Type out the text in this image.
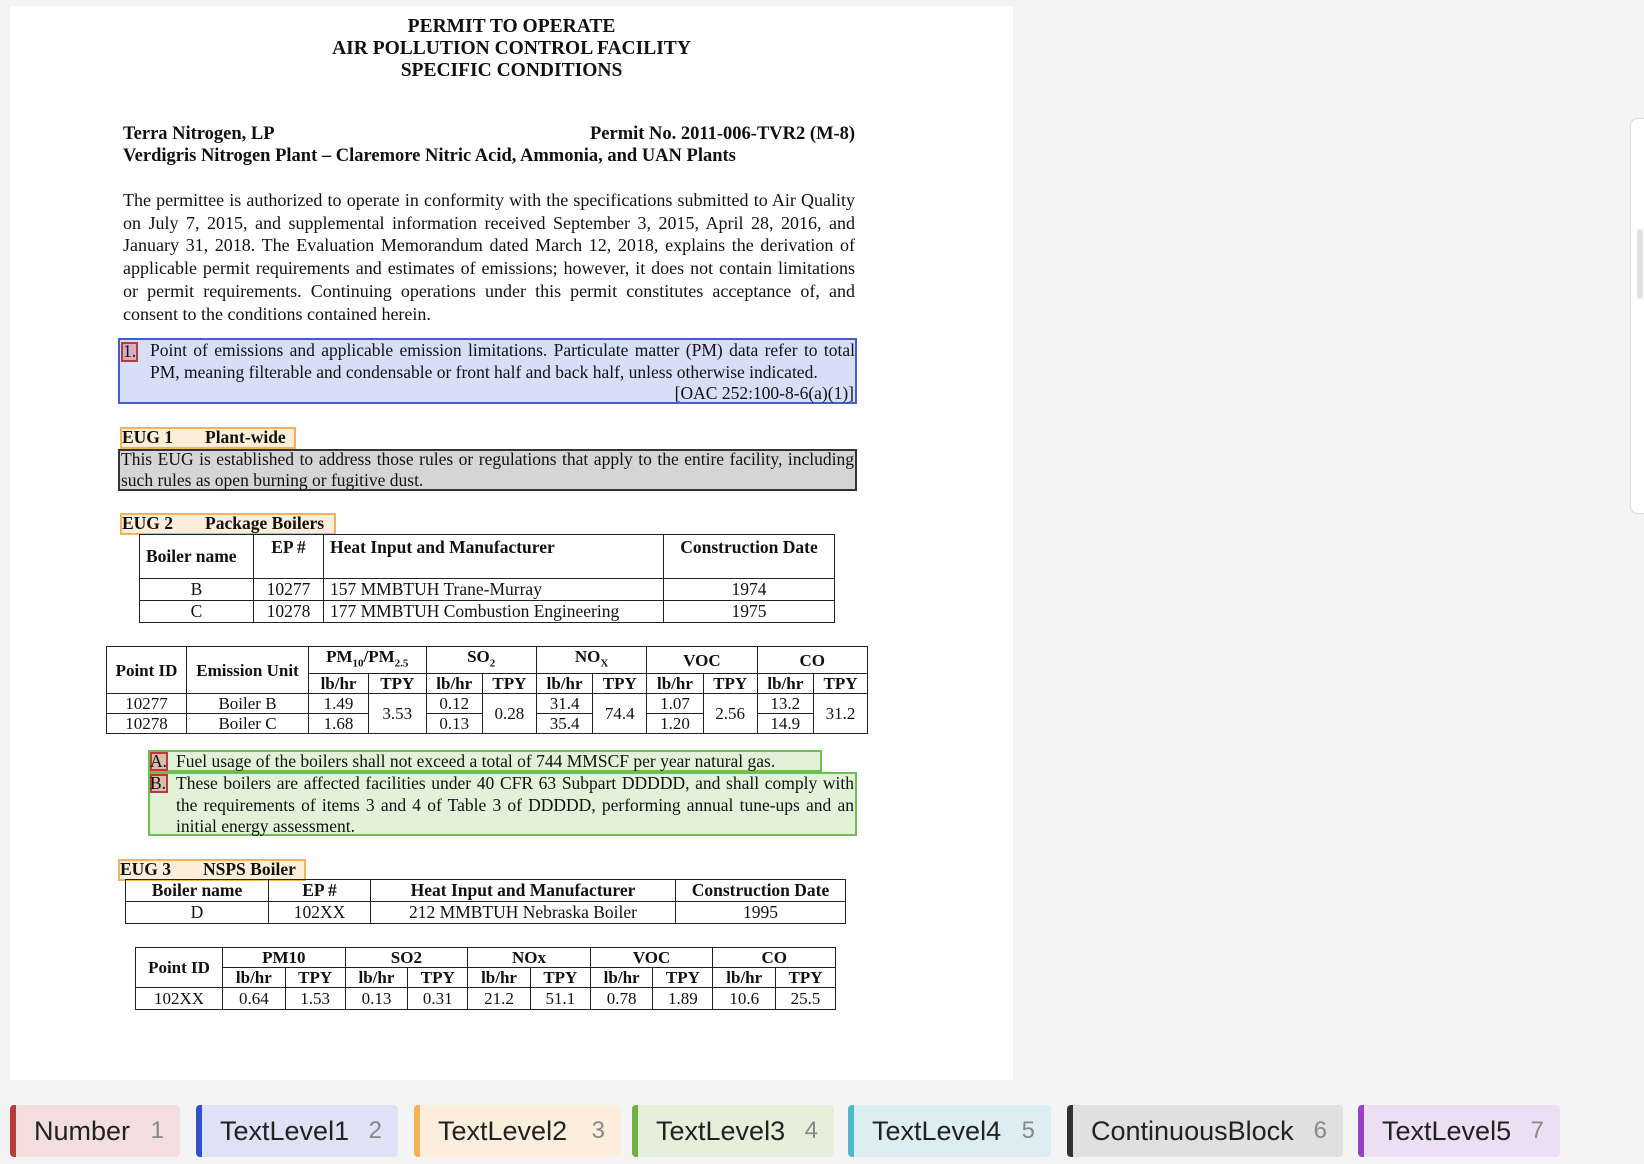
PERMIT TO OPERATE
AIR POLLUTION CONTROL FACILITY
SPECIFIC CONDITIONS
Terra Nitrogen, LP	Permit No. 2011-006-TVR2 (M-8)
Verdigris Nitrogen Plant – Claremore Nitric Acid, Ammonia, and UAN Plants
The permittee is authorized to operate in conformity with the specifications submitted to Air Quality on July 7, 2015, and supplemental information received September 3, 2015, April 28, 2016, and January 31, 2018. The Evaluation Memorandum dated March 12, 2018, explains the derivation of applicable permit requirements and estimates of emissions; however, it does not contain limitations or permit requirements. Continuing operations under this permit constitutes acceptance of, and consent to the conditions contained herein.
1. Point of emissions and applicable emission limitations. Particulate matter (PM) data refer to total PM, meaning filterable and condensable or front half and back half, unless otherwise indicated.
[OAC 252:100-8-6(a)(1)]
EUG 1 Plant-wide
This EUG is established to address those rules or regulations that apply to the entire facility, including such rules as open burning or fugitive dust.
EUG 2 Package Boilers
Boiler name	EP #	Heat Input and Manufacturer	Construction Date
B	10277	157 MMBTUH Trane-Murray	1974
C	10278	177 MMBTUH Combustion Engineering	1975
Point ID	Emission Unit	$PM_{10}/PM_{2.5}$		$SO_2$		$NO_X$		VOC		CO	
		lb/hr	TPY	lb/hr	TPY	lb/hr	TPY	lb/hr	TPY	lb/hr	TPY
10277	Boiler B	1.49	3.53	0.12	0.28	31.4	74.4	1.07	2.56	13.2	31.2
10278	Boiler C	1.68		0.13		35.4		1.20		14.9	
A. Fuel usage of the boilers shall not exceed a total of 744 MMSCF per year natural gas.
B. These boilers are affected facilities under 40 CFR 63 Subpart DDDDD, and shall comply with the requirements of items 3 and 4 of Table 3 of DDDDD, performing annual tune-ups and an initial energy assessment.
EUG 3 NSPS Boiler
Boiler name	EP #	Heat Input and Manufacturer	Construction Date
D	102XX	212 MMBTUH Nebraska Boiler	1995
Point ID	PM10		SO2		NOx		VOC		CO	
	lb/hr	TPY	lb/hr	TPY	lb/hr	TPY	lb/hr	TPY	lb/hr	TPY
102XX	0.64	1.53	0.13	0.31	21.2	51.1	0.78	1.89	10.6	25.5
Number 1	TextLevel1 2	TextLevel2 3	TextLevel3 4	TextLevel4 5	ContinuousBlock 6	TextLevel5 7
